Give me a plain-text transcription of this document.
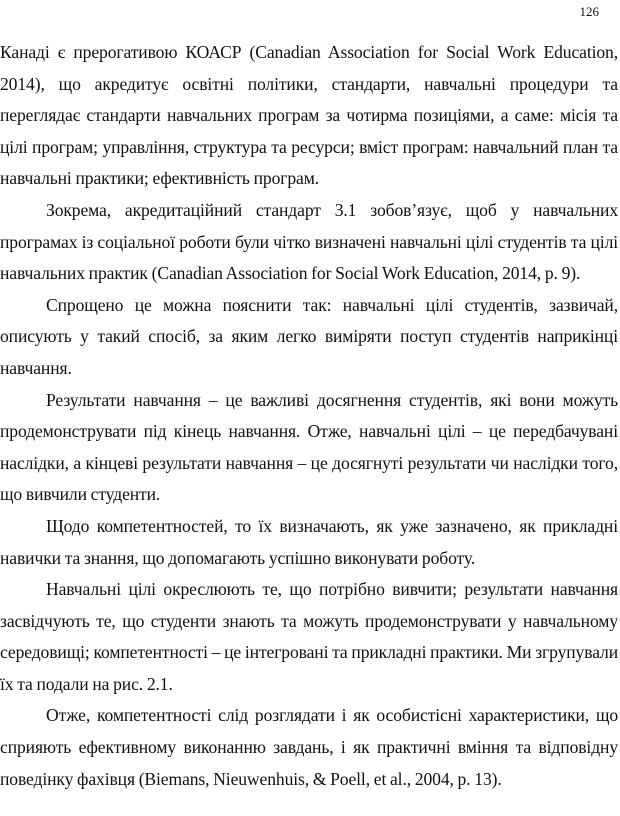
126

Канаді є прерогативою КОАСР (Canadian Association for Social Work Education, 2014), що акредитує освітні політики, стандарти, навчальні процедури та переглядає стандарти навчальних програм за чотирма позиціями, а саме: місія та цілі програм; управління, структура та ресурси; вміст програм: навчальний план та навчальні практики; ефективність програм.

Зокрема, акредитаційний стандарт 3.1 зобов’язує, щоб у навчальних програмах із соціальної роботи були чітко визначені навчальні цілі студентів та цілі навчальних практик (Canadian Association for Social Work Education, 2014, p. 9).

Спрощено це можна пояснити так: навчальні цілі студентів, зазвичай, описують у такий спосіб, за яким легко виміряти поступ студентів наприкінці навчання.

Результати навчання – це важливі досягнення студентів, які вони можуть продемонструвати під кінець навчання. Отже, навчальні цілі – це передбачувані наслідки, а кінцеві результати навчання – це досягнуті результати чи наслідки того, що вивчили студенти.

Щодо компетентностей, то їх визначають, як уже зазначено, як прикладні навички та знання, що допомагають успішно виконувати роботу.

Навчальні цілі окреслюють те, що потрібно вивчити; результати навчання засвідчують те, що студенти знають та можуть продемонструвати у навчальному середовищі; компетентності – це інтегровані та прикладні практики. Ми згрупували їх та подали на рис. 2.1.

Отже, компетентності слід розглядати і як особистісні характеристики, що сприяють ефективному виконанню завдань, і як практичні вміння та відповідну поведінку фахівця (Biemans, Nieuwenhuis, & Poell, et al., 2004, p. 13).
